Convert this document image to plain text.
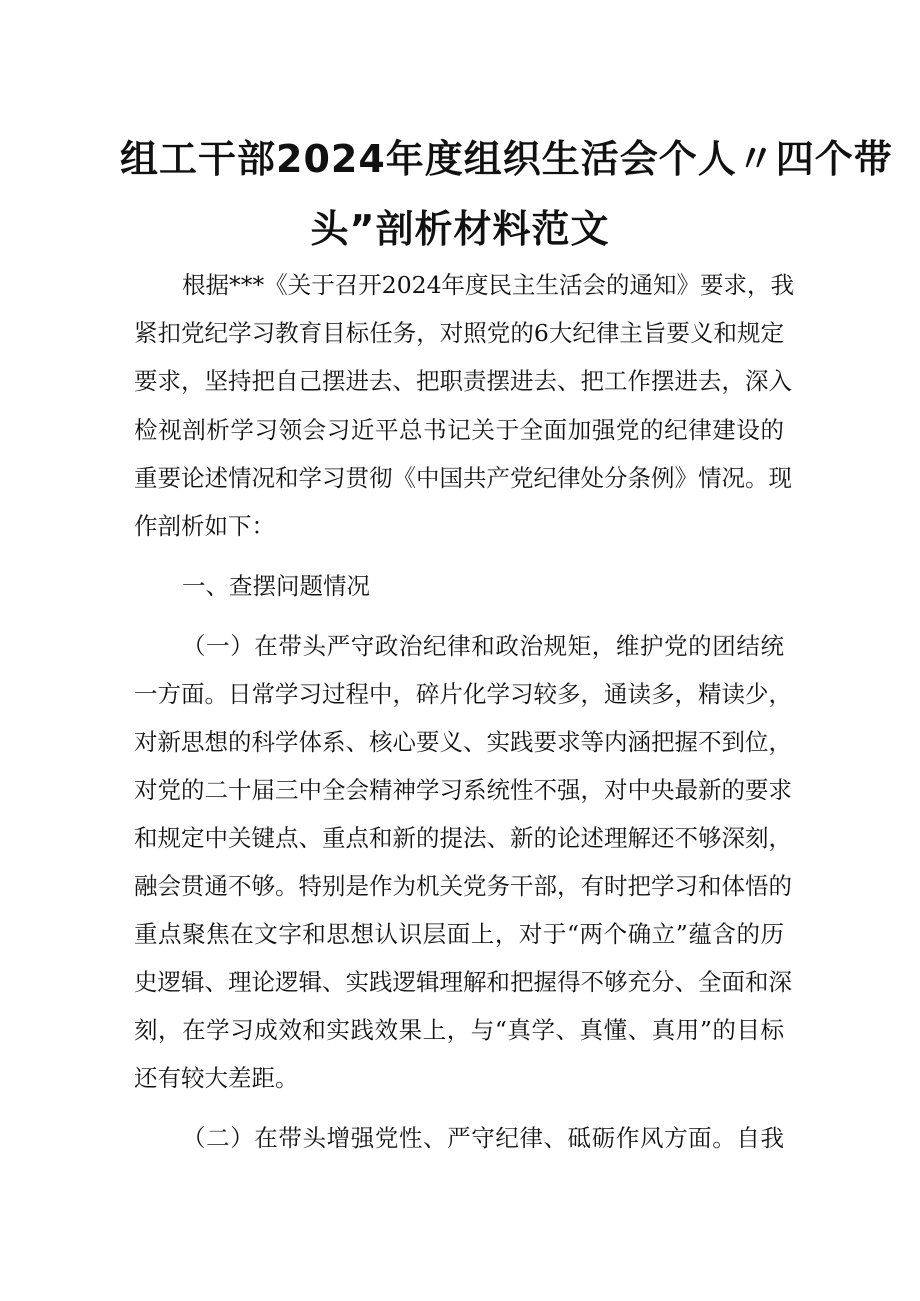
组工干部2024年度组织生活会个人〃四个带
头”剖析材料范文
根据***《关于召开2024年度民主生活会的通知》要求，我
紧扣党纪学习教育目标任务，对照党的6大纪律主旨要义和规定
要求，坚持把自己摆进去、把职责摆进去、把工作摆进去，深入
检视剖析学习领会习近平总书记关于全面加强党的纪律建设的
重要论述情况和学习贯彻《中国共产党纪律处分条例》情况。现
作剖析如下：
一、查摆问题情况
（一）在带头严守政治纪律和政治规矩，维护党的团结统
一方面。日常学习过程中，碎片化学习较多，通读多，精读少，
对新思想的科学体系、核心要义、实践要求等内涵把握不到位，
对党的二十届三中全会精神学习系统性不强，对中央最新的要求
和规定中关键点、重点和新的提法、新的论述理解还不够深刻，
融会贯通不够。特别是作为机关党务干部，有时把学习和体悟的
重点聚焦在文字和思想认识层面上，对于“两个确立”蕴含的历
史逻辑、理论逻辑、实践逻辑理解和把握得不够充分、全面和深
刻，在学习成效和实践效果上，与“真学、真懂、真用”的目标
还有较大差距。
（二）在带头增强党性、严守纪律、砥砺作风方面。自我
